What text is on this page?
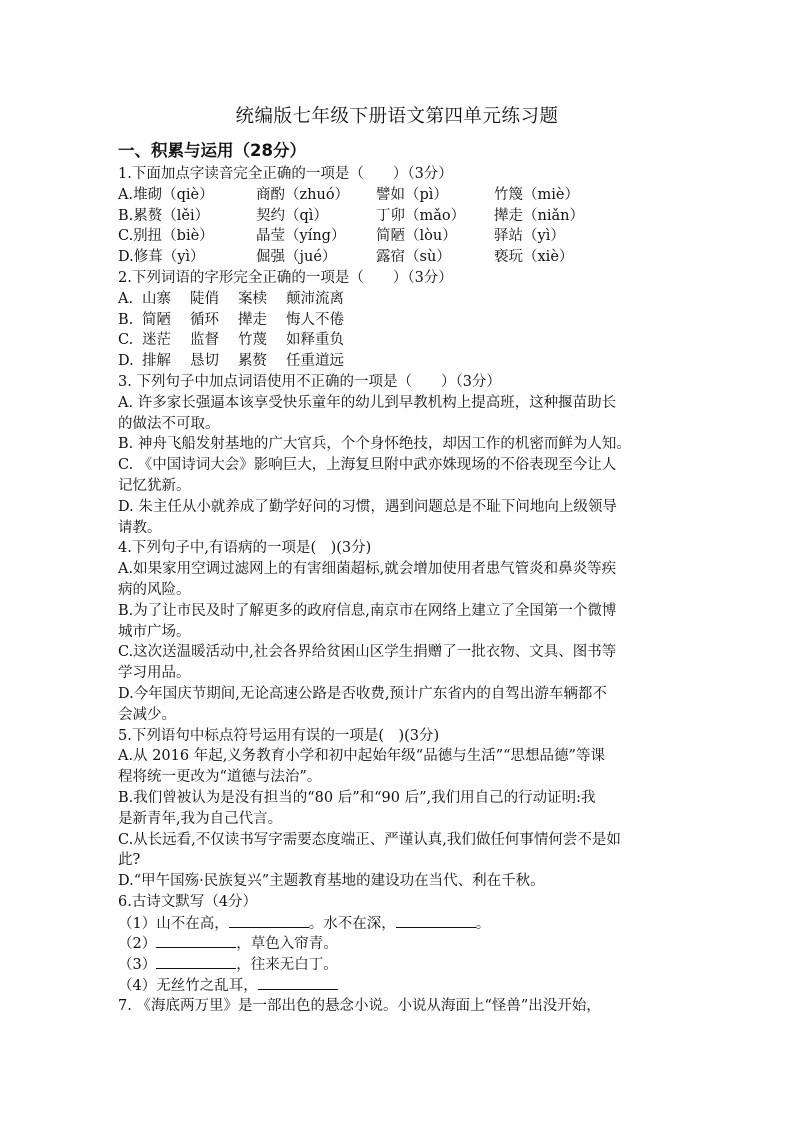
统编版七年级下册语文第四单元练习题
一、积累与运用（28分）
1.下面加点字读音完全正确的一项是（　　）（3分）
A.堆砌（qiè）	商酌（zhuó） 譬如（pì）	竹篾（miè）
B.累赘（lěi）	契约（qì）	丁卯（mǎo） 撵走（niǎn）
C.别扭（biè）	晶莹（yíng） 简陋（lòu）	驿站（yì）
D.修葺（yì）	倔强（jué）	露宿（sù）	亵玩（xiè）
2.下列词语的字形完全正确的一项是（　　）（3分）
A. 山寨 陡俏 案椟 颠沛流离
B. 简陋 循环 撵走 悔人不倦
C. 迷茫 监督 竹蔑 如释重负
D. 排解 恳切 累赘 任重道远
3. 下列句子中加点词语使用不正确的一项是（　　）（3分）
A. 许多家长强逼本该享受快乐童年的幼儿到早教机构上提高班，这种揠苗助长
的做法不可取。
B. 神舟飞船发射基地的广大官兵，个个身怀绝技，却因工作的机密而鲜为人知。
C. 《中国诗词大会》影响巨大，上海复旦附中武亦姝现场的不俗表现至今让人
记忆犹新。
D. 朱主任从小就养成了勤学好问的习惯，遇到问题总是不耻下问地向上级领导
请教。
4.下列句子中,有语病的一项是(　)(3分)
A.如果家用空调过滤网上的有害细菌超标,就会增加使用者患气管炎和鼻炎等疾
病的风险。
B.为了让市民及时了解更多的政府信息,南京市在网络上建立了全国第一个微博
城市广场。
C.这次送温暖活动中,社会各界给贫困山区学生捐赠了一批衣物、文具、图书等
学习用品。
D.今年国庆节期间,无论高速公路是否收费,预计广东省内的自驾出游车辆都不
会减少。
5.下列语句中标点符号运用有误的一项是(　)(3分)
A.从 2016 年起,义务教育小学和初中起始年级“品德与生活”“思想品德”等课
程将统一更改为“道德与法治”。
B.我们曾被认为是没有担当的“80 后”和“90 后”,我们用自己的行动证明:我
是新青年,我为自己代言。
C.从长远看,不仅读书写字需要态度端正、严谨认真,我们做任何事情何尝不是如
此?
D.“甲午国殇·民族复兴”主题教育基地的建设功在当代、利在千秋。
6.古诗文默写（4分）
（1）山不在高，	。水不在深，	。
（2）	，草色入帘青。
（3）	，往来无白丁。
（4）无丝竹之乱耳，
7. 《海底两万里》是一部出色的悬念小说。小说从海面上“怪兽”出没开始，
